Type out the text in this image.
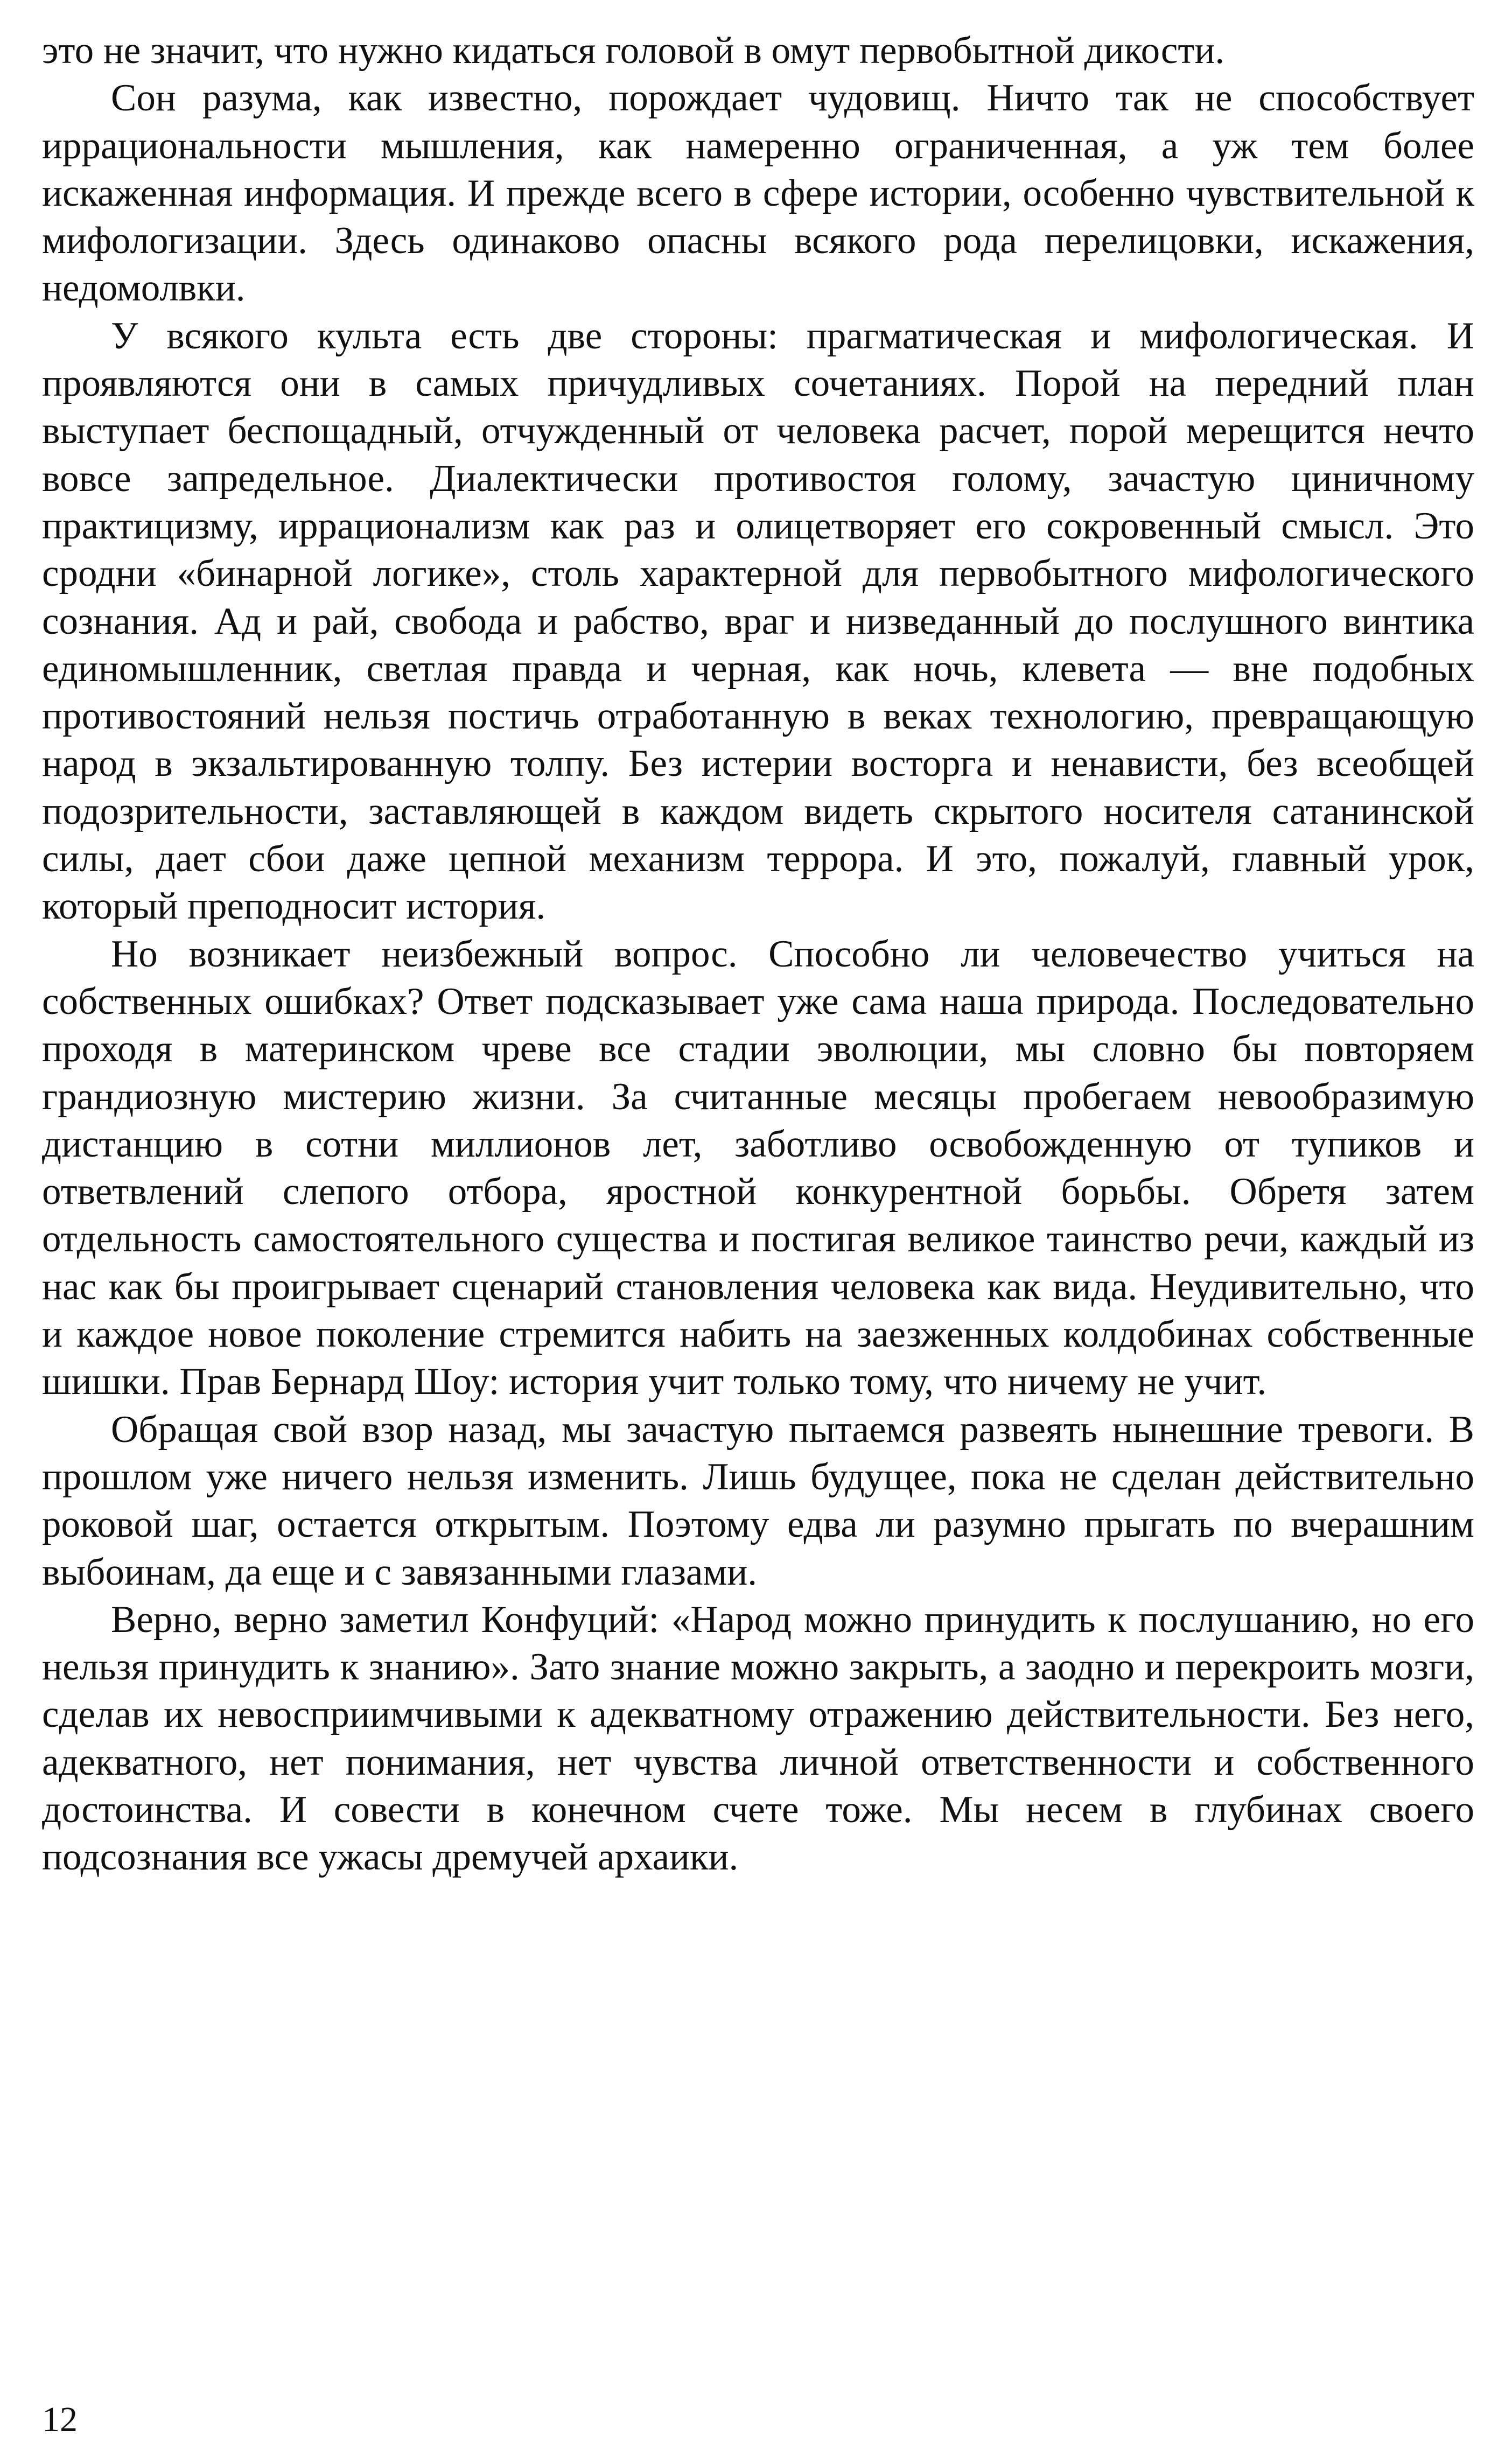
это не значит, что нужно кидаться головой в омут первобытной дикости.

Сон разума, как известно, порождает чудовищ. Ничто так не способствует иррациональности мышления, как намеренно ограниченная, а уж тем более искаженная информация. И прежде всего в сфере истории, особенно чувствительной к мифологизации. Здесь одинаково опасны всякого рода перелицовки, искажения, недомолвки.

У всякого культа есть две стороны: прагматическая и мифологическая. И проявляются они в самых причудливых сочетаниях. Порой на передний план выступает беспощадный, отчужденный от человека расчет, порой мерещится нечто вовсе запредельное. Диалектически противостоя голому, зачастую циничному практицизму, иррационализм как раз и олицетворяет его сокровенный смысл. Это сродни «бинарной логике», столь характерной для первобытного мифологического сознания. Ад и рай, свобода и рабство, враг и низведанный до послушного винтика единомышленник, светлая правда и черная, как ночь, клевета — вне подобных противостояний нельзя постичь отработанную в веках технологию, превращающую народ в экзальтированную толпу. Без истерии восторга и ненависти, без всеобщей подозрительности, заставляющей в каждом видеть скрытого носителя сатанинской силы, дает сбои даже цепной механизм террора. И это, пожалуй, главный урок, который преподносит история.

Но возникает неизбежный вопрос. Способно ли человечество учиться на собственных ошибках? Ответ подсказывает уже сама наша природа. Последовательно проходя в материнском чреве все стадии эволюции, мы словно бы повторяем грандиозную мистерию жизни. За считанные месяцы пробегаем невообразимую дистанцию в сотни миллионов лет, заботливо освобожденную от тупиков и ответвлений слепого отбора, яростной конкурентной борьбы. Обретя затем отдельность самостоятельного существа и постигая великое таинство речи, каждый из нас как бы проигрывает сценарий становления человека как вида. Неудивительно, что и каждое новое поколение стремится набить на заезженных колдобинах собственные шишки. Прав Бернард Шоу: история учит только тому, что ничему не учит.

Обращая свой взор назад, мы зачастую пытаемся развеять нынешние тревоги. В прошлом уже ничего нельзя изменить. Лишь будущее, пока не сделан действительно роковой шаг, остается открытым. Поэтому едва ли разумно прыгать по вчерашним выбоинам, да еще и с завязанными глазами.

Верно, верно заметил Конфуций: «Народ можно принудить к послушанию, но его нельзя принудить к знанию». Зато знание можно закрыть, а заодно и перекроить мозги, сделав их невосприимчивыми к адекватному отражению действительности. Без него, адекватного, нет понимания, нет чувства личной ответственности и собственного достоинства. И совести в конечном счете тоже. Мы несем в глубинах своего подсознания все ужасы дремучей архаики.

12
